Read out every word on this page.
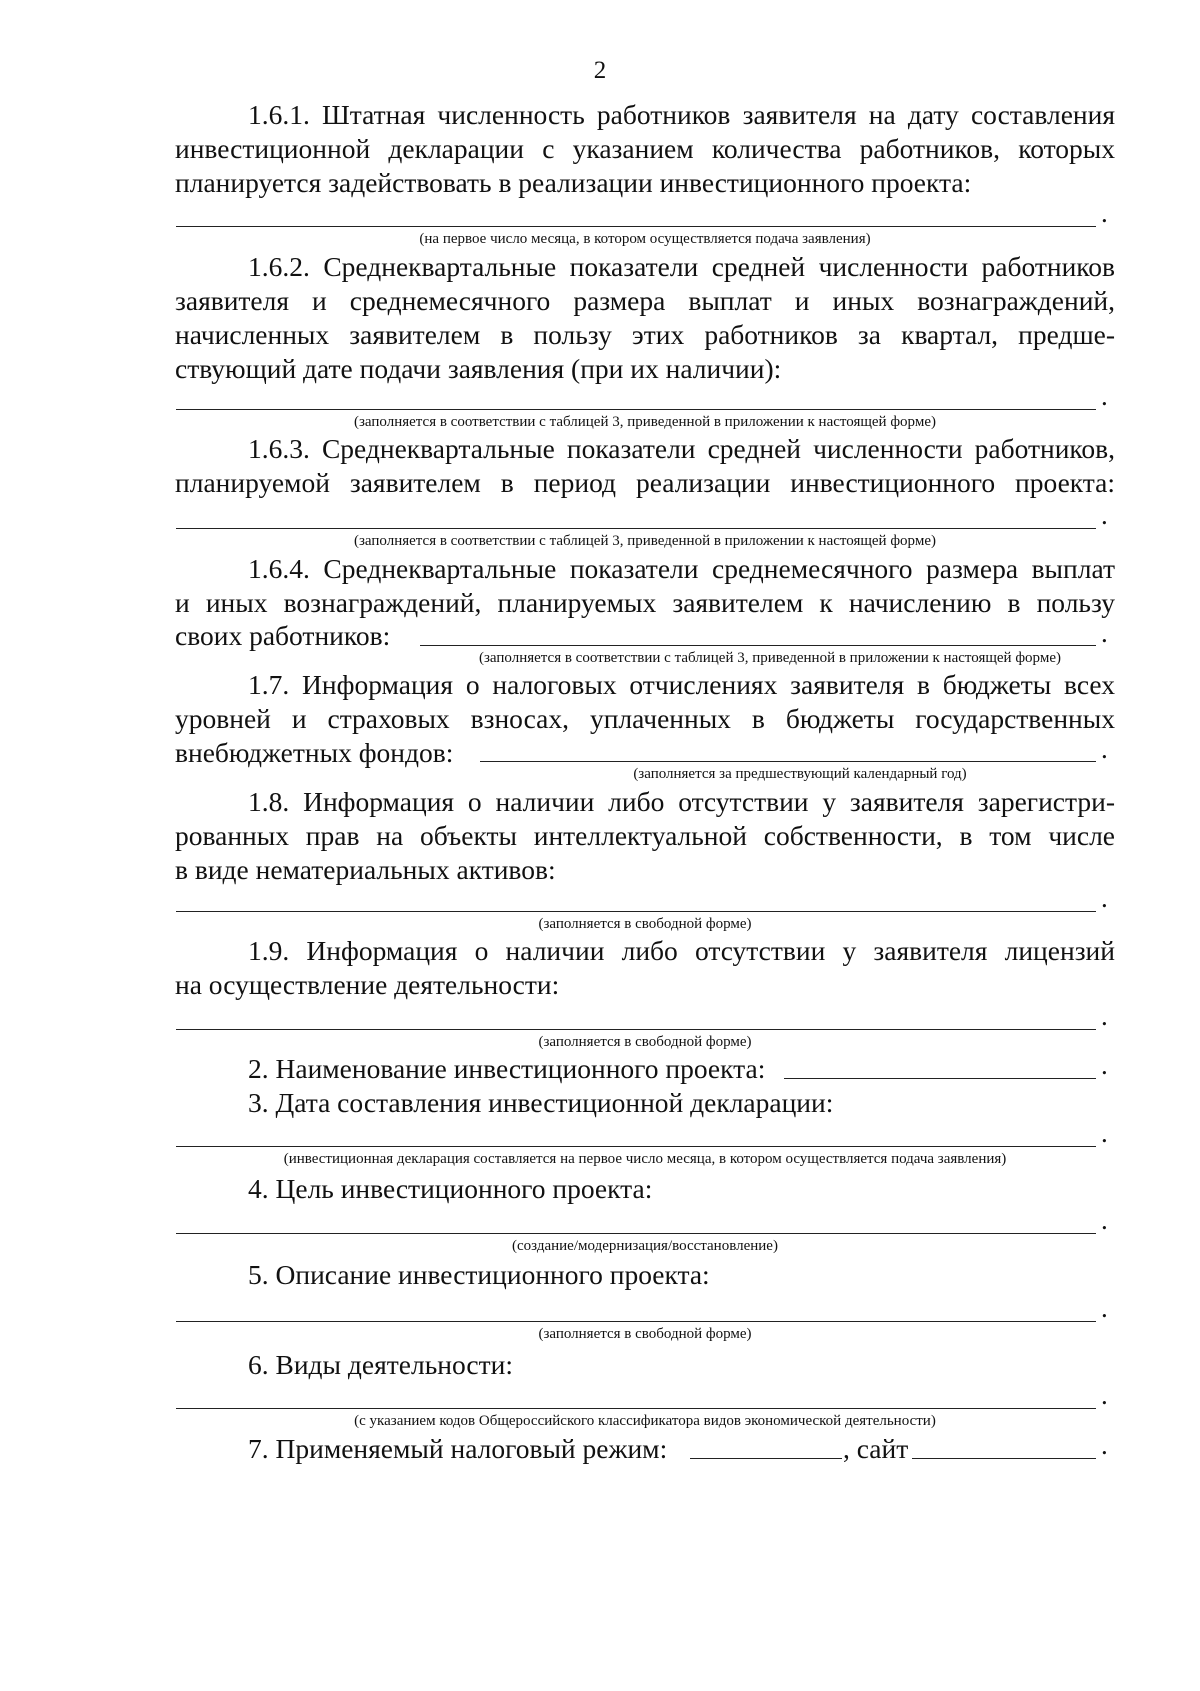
2
1.6.1. Штатная численность работников заявителя на дату составления
инвестиционной декларации с указанием количества работников, которых
планируется задействовать в реализации инвестиционного проекта:
.
(на первое число месяца, в котором осуществляется подача заявления)
1.6.2. Среднеквартальные показатели средней численности работников
заявителя и среднемесячного размера выплат и иных вознаграждений,
начисленных заявителем в пользу этих работников за квартал, предше-
ствующий дате подачи заявления (при их наличии):
.
(заполняется в соответствии с таблицей 3, приведенной в приложении к настоящей форме)
1.6.3. Среднеквартальные показатели средней численности работников,
планируемой заявителем в период реализации инвестиционного проекта:
.
(заполняется в соответствии с таблицей 3, приведенной в приложении к настоящей форме)
1.6.4. Среднеквартальные показатели среднемесячного размера выплат
и иных вознаграждений, планируемых заявителем к начислению в пользу
своих работников:	.
(заполняется в соответствии с таблицей 3, приведенной в приложении к настоящей форме)
1.7. Информация о налоговых отчислениях заявителя в бюджеты всех
уровней и страховых взносах, уплаченных в бюджеты государственных
внебюджетных фондов:	.
(заполняется за предшествующий календарный год)
1.8. Информация о наличии либо отсутствии у заявителя зарегистри-
рованных прав на объекты интеллектуальной собственности, в том числе
в виде нематериальных активов:
.
(заполняется в свободной форме)
1.9. Информация о наличии либо отсутствии у заявителя лицензий
на осуществление деятельности:
.
(заполняется в свободной форме)
2. Наименование инвестиционного проекта:	.
3. Дата составления инвестиционной декларации:
.
(инвестиционная декларация составляется на первое число месяца, в котором осуществляется подача заявления)
4. Цель инвестиционного проекта:
.
(создание/модернизация/восстановление)
5. Описание инвестиционного проекта:
.
(заполняется в свободной форме)
6. Виды деятельности:
.
(с указанием кодов Общероссийского классификатора видов экономической деятельности)
7. Применяемый налоговый режим:	, сайт	.
